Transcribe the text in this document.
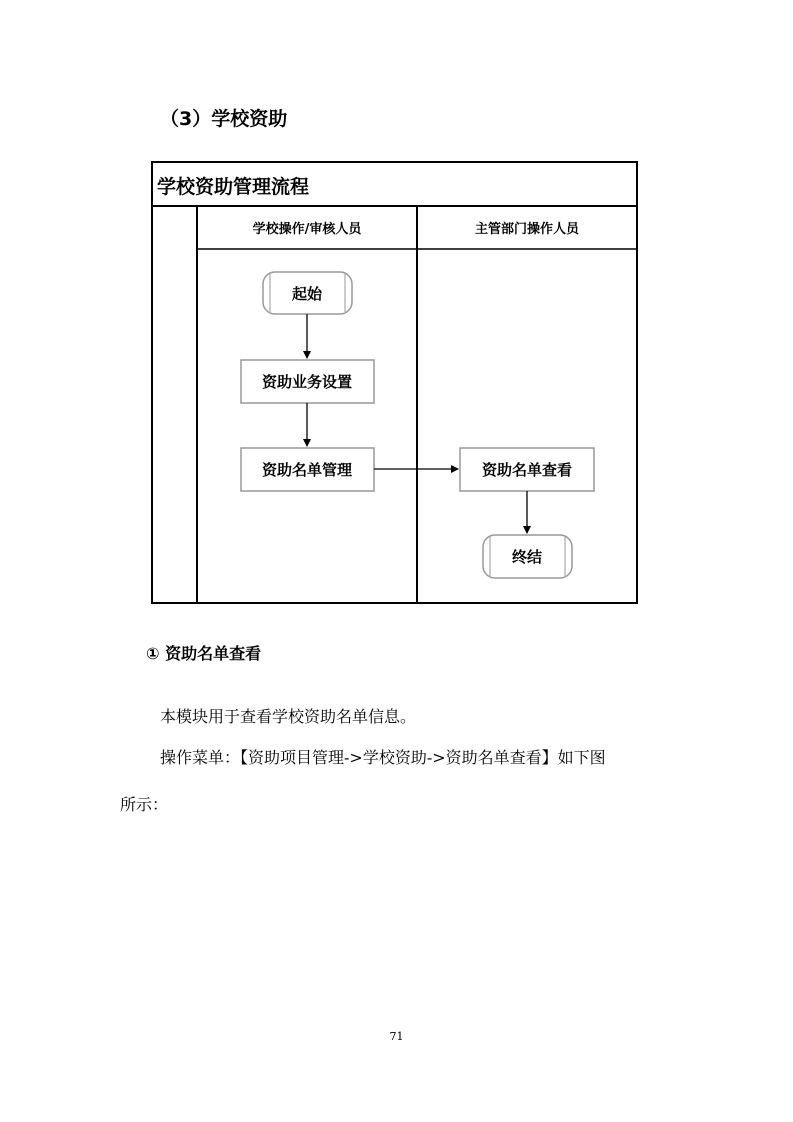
（3）学校资助
学校资助管理流程
学校操作/审核人员	主管部门操作人员
起始
资助业务设置
资助名单管理	资助名单查看
终结
① 资助名单查看
本模块用于查看学校资助名单信息。
操作菜单：【资助项目管理->学校资助->资助名单查看】如下图
所示：
71
